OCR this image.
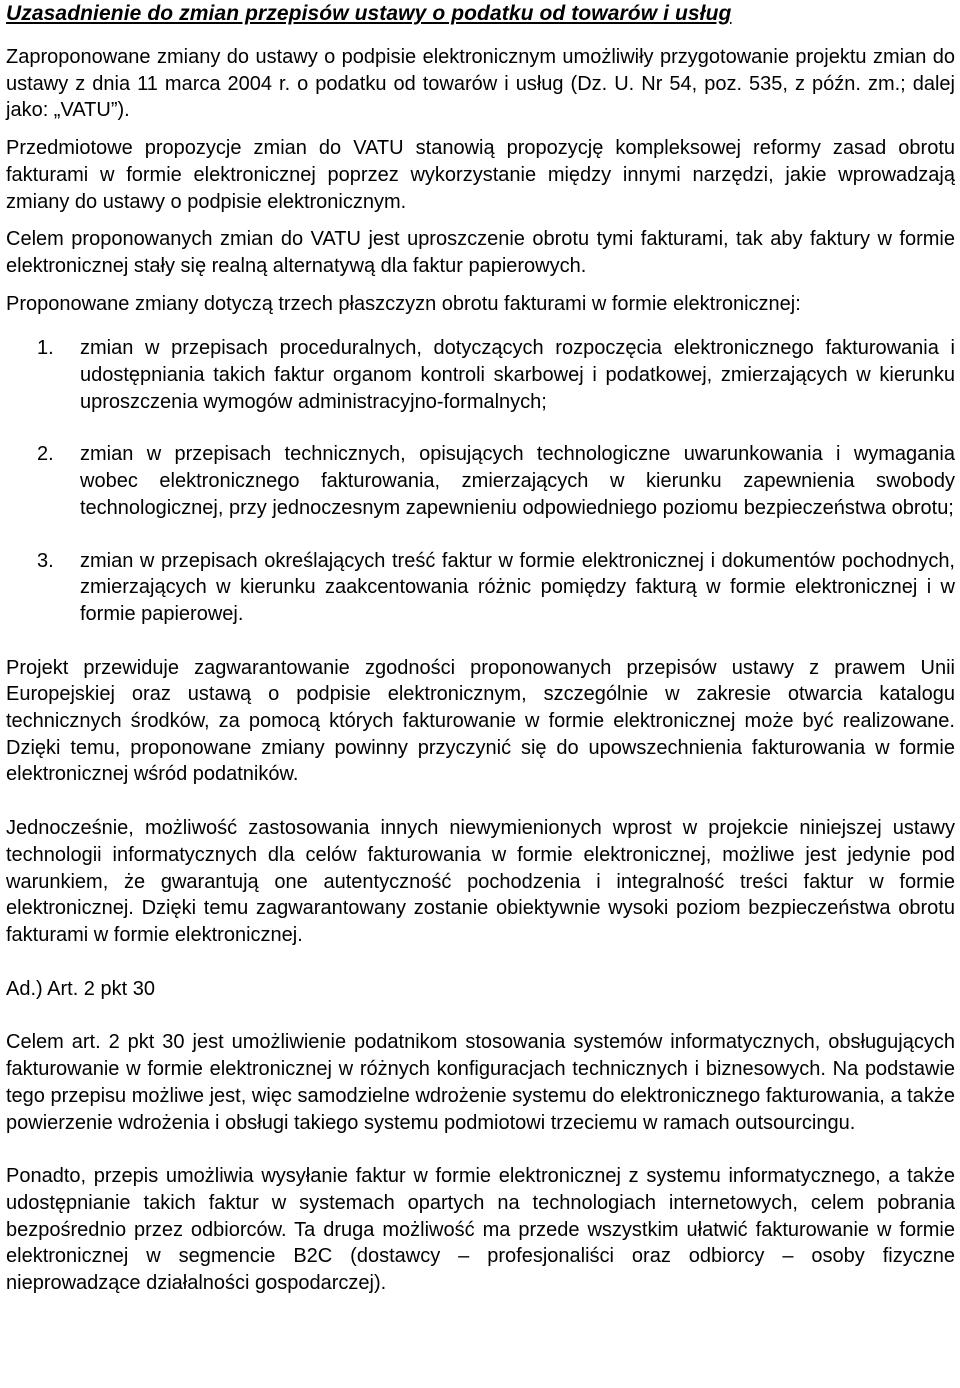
Uzasadnienie do zmian przepisów ustawy o podatku od towarów i usług

Zaproponowane zmiany do ustawy o podpisie elektronicznym umożliwiły przygotowanie projektu zmian do ustawy z dnia 11 marca 2004 r. o podatku od towarów i usług (Dz. U. Nr 54, poz. 535, z późn. zm.; dalej jako: „VATU”).

Przedmiotowe propozycje zmian do VATU stanowią propozycję kompleksowej reformy zasad obrotu fakturami w formie elektronicznej poprzez wykorzystanie między innymi narzędzi, jakie wprowadzają zmiany do ustawy o podpisie elektronicznym.

Celem proponowanych zmian do VATU jest uproszczenie obrotu tymi fakturami, tak aby faktury w formie elektronicznej stały się realną alternatywą dla faktur papierowych.

Proponowane zmiany dotyczą trzech płaszczyzn obrotu fakturami w formie elektronicznej:

1. zmian w przepisach proceduralnych, dotyczących rozpoczęcia elektronicznego fakturowania i udostępniania takich faktur organom kontroli skarbowej i podatkowej, zmierzających w kierunku uproszczenia wymogów administracyjno-formalnych;
2. zmian w przepisach technicznych, opisujących technologiczne uwarunkowania i wymagania wobec elektronicznego fakturowania, zmierzających w kierunku zapewnienia swobody technologicznej, przy jednoczesnym zapewnieniu odpowiedniego poziomu bezpieczeństwa obrotu;
3. zmian w przepisach określających treść faktur w formie elektronicznej i dokumentów pochodnych, zmierzających w kierunku zaakcentowania różnic pomiędzy fakturą w formie elektronicznej i w formie papierowej.

Projekt przewiduje zagwarantowanie zgodności proponowanych przepisów ustawy z prawem Unii Europejskiej oraz ustawą o podpisie elektronicznym, szczególnie w zakresie otwarcia katalogu technicznych środków, za pomocą których fakturowanie w formie elektronicznej może być realizowane. Dzięki temu, proponowane zmiany powinny przyczynić się do upowszechnienia fakturowania w formie elektronicznej wśród podatników.

Jednocześnie, możliwość zastosowania innych niewymienionych wprost w projekcie niniejszej ustawy technologii informatycznych dla celów fakturowania w formie elektronicznej, możliwe jest jedynie pod warunkiem, że gwarantują one autentyczność pochodzenia i integralność treści faktur w formie elektronicznej. Dzięki temu zagwarantowany zostanie obiektywnie wysoki poziom bezpieczeństwa obrotu fakturami w formie elektronicznej.

Ad.) Art. 2 pkt 30

Celem art. 2 pkt 30 jest umożliwienie podatnikom stosowania systemów informatycznych, obsługujących fakturowanie w formie elektronicznej w różnych konfiguracjach technicznych i biznesowych. Na podstawie tego przepisu możliwe jest, więc samodzielne wdrożenie systemu do elektronicznego fakturowania, a także powierzenie wdrożenia i obsługi takiego systemu podmiotowi trzeciemu w ramach outsourcingu.

Ponadto, przepis umożliwia wysyłanie faktur w formie elektronicznej z systemu informatycznego, a także udostępnianie takich faktur w systemach opartych na technologiach internetowych, celem pobrania bezpośrednio przez odbiorców. Ta druga możliwość ma przede wszystkim ułatwić fakturowanie w formie elektronicznej w segmencie B2C (dostawcy – profesjonaliści oraz odbiorcy – osoby fizyczne nieprowadzące działalności gospodarczej).
